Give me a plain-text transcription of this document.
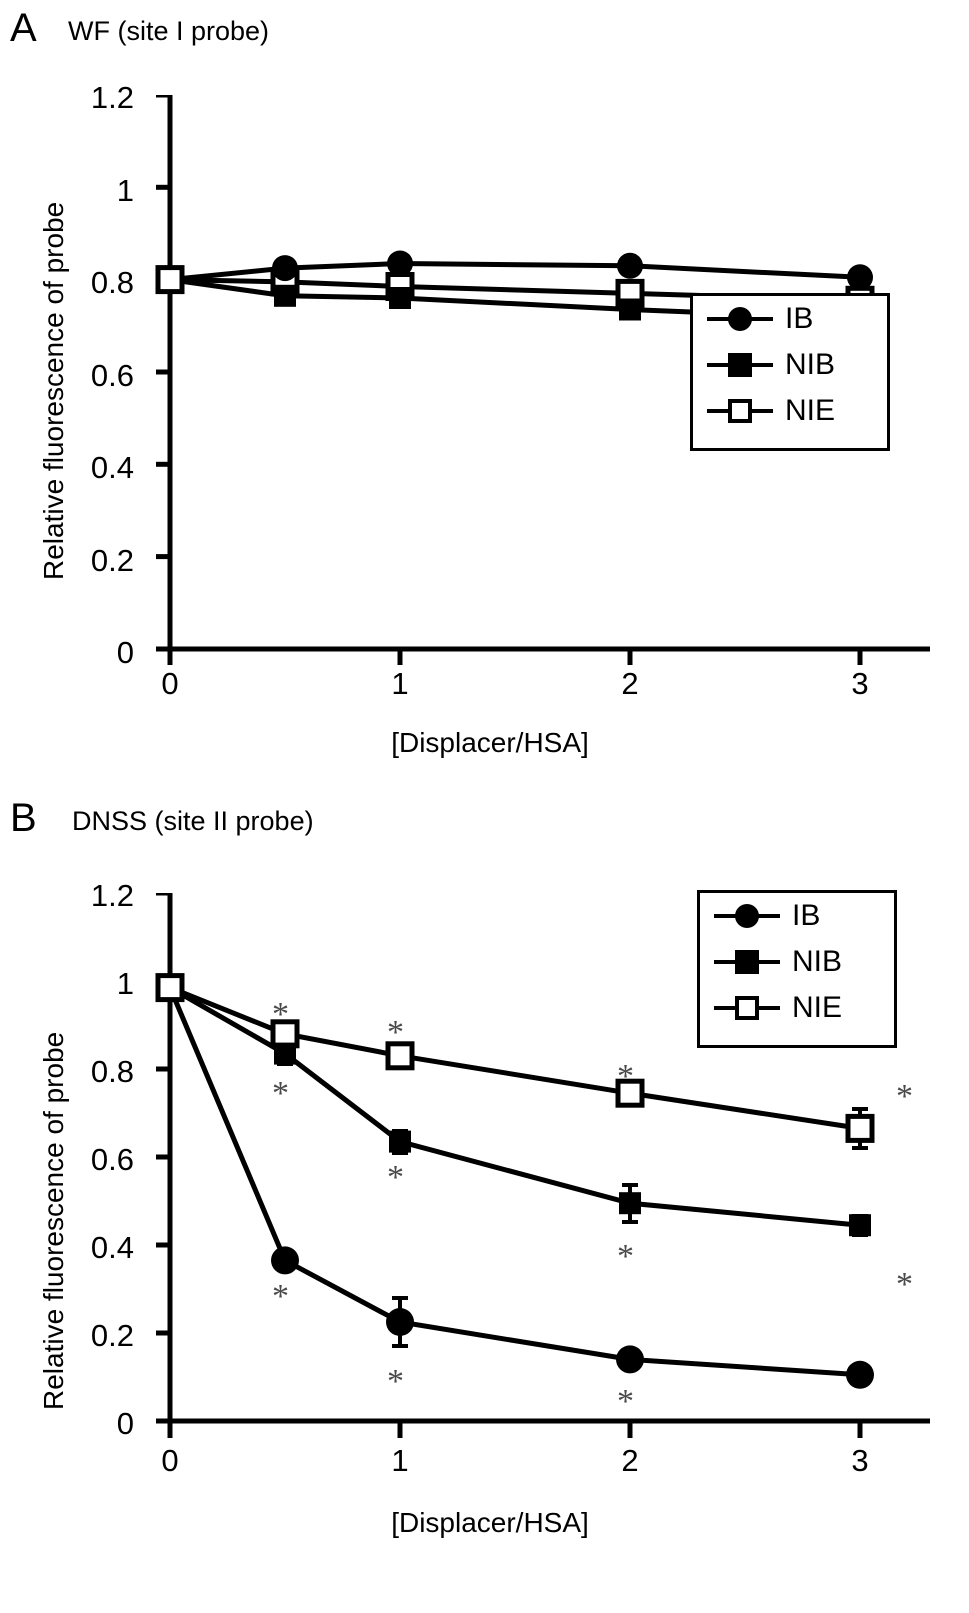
A WF (site I probe)
Relative fluorescence of probe
1.2
1
0.8
0.6
0.4
0.2
0
0	1	2	3
[Displacer/HSA]
IB
NIB
NIE
B DNSS (site II probe)
Relative fluorescence of probe
1.2
1
0.8
0.6
0.4
0.2
0
*	*
*
*
*
*
*
*
*
*
*
0	1	2	3
[Displacer/HSA]
IB
NIB
NIE
